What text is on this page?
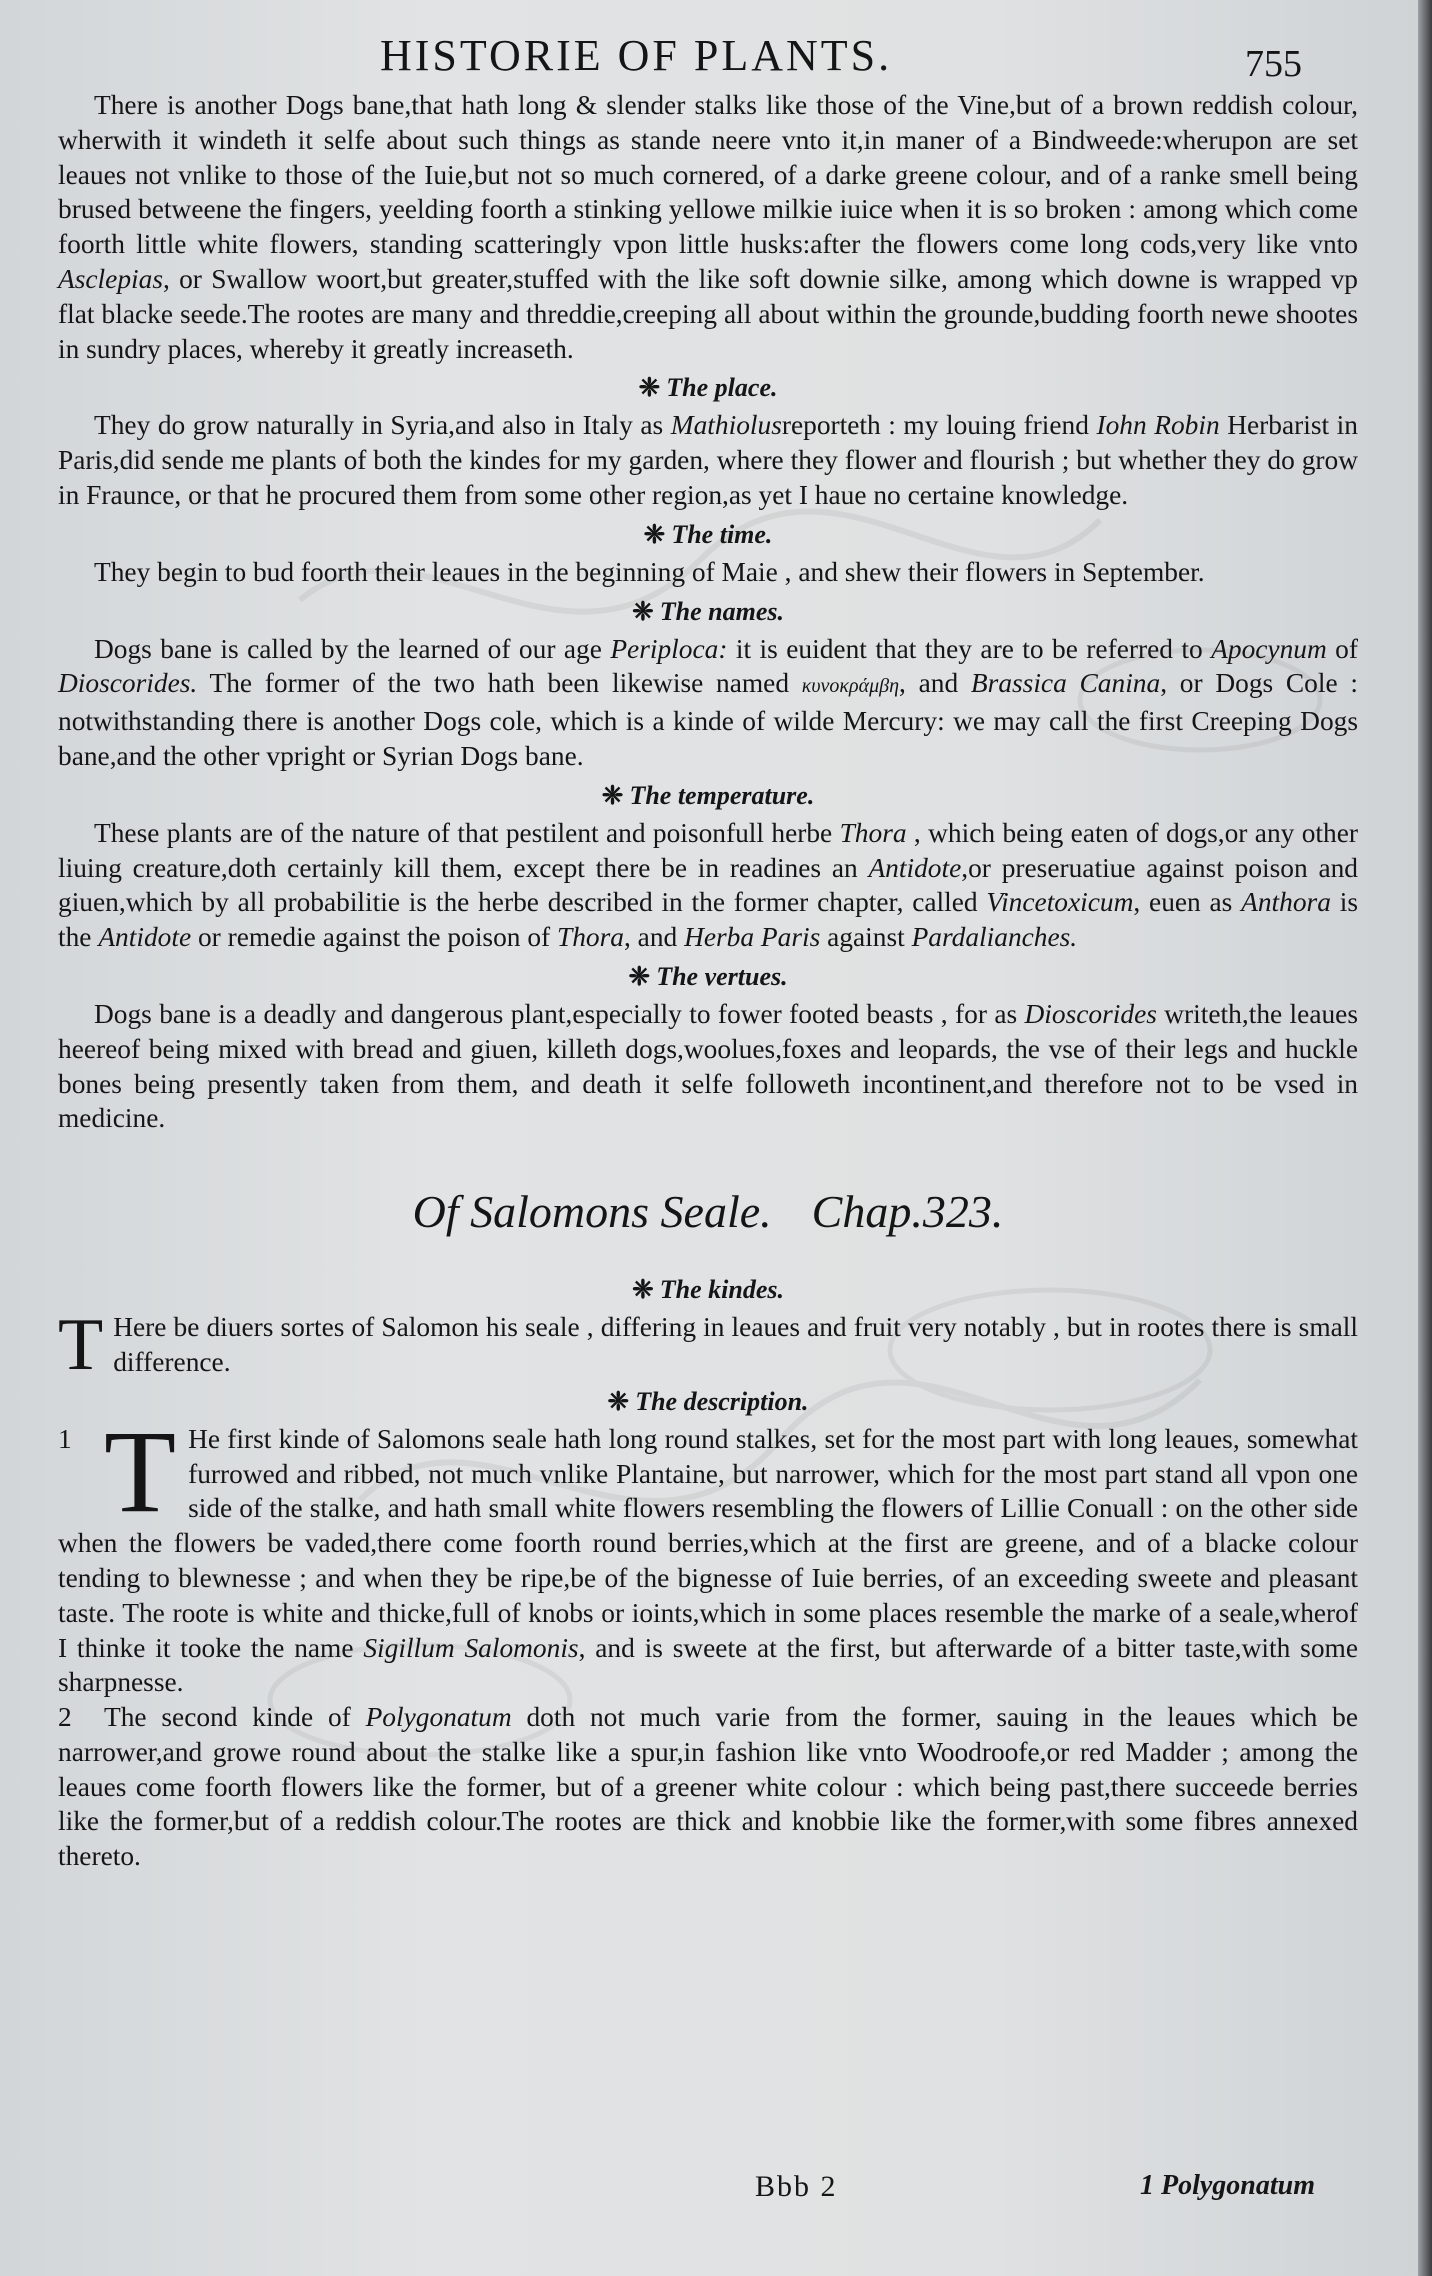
HISTORIE OF PLANTS.	755

There is another Dogs bane,that hath long & slender stalks like those of the Vine,but of a brown reddish colour, wherwith it windeth it selfe about such things as stande neere vnto it,in maner of a Bindweede:wherupon are set leaues not vnlike to those of the Iuie,but not so much cornered, of a darke greene colour, and of a ranke smell being brused betweene the fingers, yeelding foorth a stinking yellowe milkie iuice when it is so broken : among which come foorth little white flowers, standing scatteringly vpon little husks:after the flowers come long cods,very like vnto Asclepias, or Swallow woort,but greater,stuffed with the like soft downie silke, among which downe is wrapped vp flat blacke seede.The rootes are many and threddie,creeping all about within the grounde,budding foorth newe shootes in sundry places, whereby it greatly increaseth.

❈ The place.

They do grow naturally in Syria,and also in Italy as Mathiolusreporteth : my louing friend Iohn Robin Herbarist in Paris,did sende me plants of both the kindes for my garden, where they flower and flourish ; but whether they do grow in Fraunce, or that he procured them from some other region,as yet I haue no certaine knowledge.

❈ The time.

They begin to bud foorth their leaues in the beginning of Maie , and shew their flowers in September.

❈ The names.

Dogs bane is called by the learned of our age Periploca: it is euident that they are to be referred to Apocynum of Dioscorides. The former of the two hath been likewise named κυνοκράμβη, and Brassica Canina, or Dogs Cole : notwithstanding there is another Dogs cole, which is a kinde of wilde Mercury: we may call the first Creeping Dogs bane,and the other vpright or Syrian Dogs bane.

❈ The temperature.

These plants are of the nature of that pestilent and poisonfull herbe Thora , which being eaten of dogs,or any other liuing creature,doth certainly kill them, except there be in readines an Antidote,or preseruatiue against poison and giuen,which by all probabilitie is the herbe described in the former chapter, called Vincetoxicum, euen as Anthora is the Antidote or remedie against the poison of Thora, and Herba Paris against Pardalianches.

❈ The vertues.

Dogs bane is a deadly and dangerous plant,especially to fower footed beasts , for as Dioscorides writeth,the leaues heereof being mixed with bread and giuen, killeth dogs,woolues,foxes and leopards, the vse of their legs and huckle bones being presently taken from them, and death it selfe followeth incontinent,and therefore not to be vsed in medicine.

Of Salomons Seale. Chap.323.
❈ The kindes.

T Here be diuers sortes of Salomon his seale , differing in leaues and fruit very notably , but in rootes there is small difference.

❈ The description.

1 T He first kinde of Salomons seale hath long round stalkes, set for the most part with long leaues, somewhat furrowed and ribbed, not much vnlike Plantaine, but narrower, which for the most part stand all vpon one side of the stalke, and hath small white flowers resembling the flowers of Lillie Conuall : on the other side when the flowers be vaded,there come foorth round berries,which at the first are greene, and of a blacke colour tending to blewnesse ; and when they be ripe,be of the bignesse of Iuie berries, of an exceeding sweete and pleasant taste. The roote is white and thicke,full of knobs or ioints,which in some places resemble the marke of a seale,wherof I thinke it tooke the name Sigillum Salomonis, and is sweete at the first, but afterwarde of a bitter taste,with some sharpnesse.

2 The second kinde of Polygonatum doth not much varie from the former, sauing in the leaues which be narrower,and growe round about the stalke like a spur,in fashion like vnto Woodroofe,or red Madder ; among the leaues come foorth flowers like the former, but of a greener white colour : which being past,there succeede berries like the former,but of a reddish colour.The rootes are thick and knobbie like the former,with some fibres annexed thereto.

Bbb 2	1 Polygonatum
